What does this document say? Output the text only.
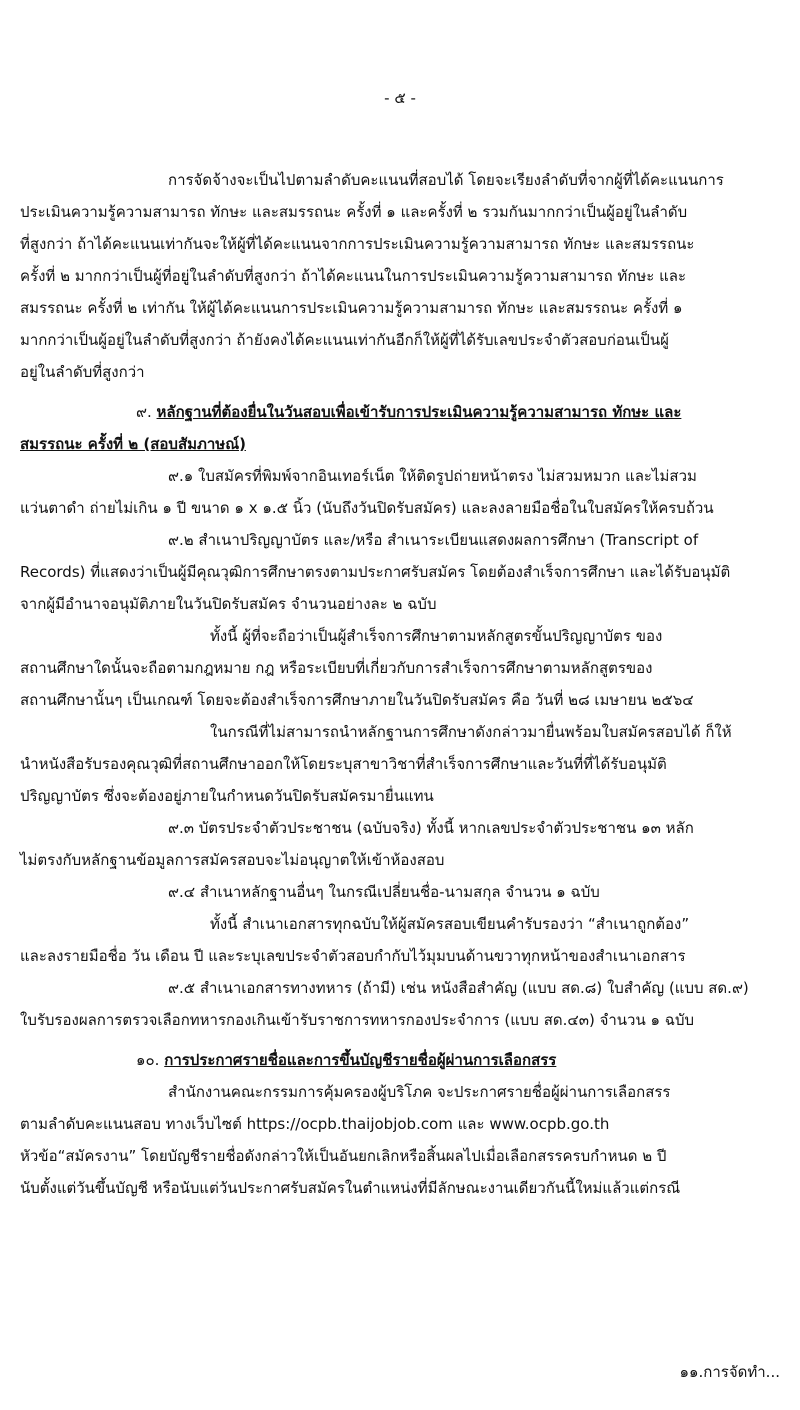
- ๕ -
การจัดจ้างจะเป็นไปตามลำดับคะแนนที่สอบได้ โดยจะเรียงลำดับที่จากผู้ที่ได้คะแนนการ
ประเมินความรู้ความสามารถ ทักษะ และสมรรถนะ ครั้งที่ ๑ และครั้งที่ ๒ รวมกันมากกว่าเป็นผู้อยู่ในลำดับ
ที่สูงกว่า ถ้าได้คะแนนเท่ากันจะให้ผู้ที่ได้คะแนนจากการประเมินความรู้ความสามารถ ทักษะ และสมรรถนะ
ครั้งที่ ๒ มากกว่าเป็นผู้ที่อยู่ในลำดับที่สูงกว่า ถ้าได้คะแนนในการประเมินความรู้ความสามารถ ทักษะ และ
สมรรถนะ ครั้งที่ ๒ เท่ากัน ให้ผู้ได้คะแนนการประเมินความรู้ความสามารถ ทักษะ และสมรรถนะ ครั้งที่ ๑
มากกว่าเป็นผู้อยู่ในลำดับที่สูงกว่า ถ้ายังคงได้คะแนนเท่ากันอีกก็ให้ผู้ที่ได้รับเลขประจำตัวสอบก่อนเป็นผู้
อยู่ในลำดับที่สูงกว่า
๙. หลักฐานที่ต้องยื่นในวันสอบเพื่อเข้ารับการประเมินความรู้ความสามารถ ทักษะ และ
สมรรถนะ ครั้งที่ ๒ (สอบสัมภาษณ์)
๙.๑ ใบสมัครที่พิมพ์จากอินเทอร์เน็ต ให้ติดรูปถ่ายหน้าตรง ไม่สวมหมวก และไม่สวม
แว่นตาดำ ถ่ายไม่เกิน ๑ ปี ขนาด ๑ x ๑.๕ นิ้ว (นับถึงวันปิดรับสมัคร) และลงลายมือชื่อในใบสมัครให้ครบถ้วน
๙.๒ สำเนาปริญญาบัตร และ/หรือ สำเนาระเบียนแสดงผลการศึกษา (Transcript of
Records) ที่แสดงว่าเป็นผู้มีคุณวุฒิการศึกษาตรงตามประกาศรับสมัคร โดยต้องสำเร็จการศึกษา และได้รับอนุมัติ
จากผู้มีอำนาจอนุมัติภายในวันปิดรับสมัคร จำนวนอย่างละ ๒ ฉบับ
ทั้งนี้ ผู้ที่จะถือว่าเป็นผู้สำเร็จการศึกษาตามหลักสูตรขั้นปริญญาบัตร ของ
สถานศึกษาใดนั้นจะถือตามกฎหมาย กฎ หรือระเบียบที่เกี่ยวกับการสำเร็จการศึกษาตามหลักสูตรของ
สถานศึกษานั้นๆ เป็นเกณฑ์ โดยจะต้องสำเร็จการศึกษาภายในวันปิดรับสมัคร คือ วันที่ ๒๘ เมษายน ๒๕๖๔
ในกรณีที่ไม่สามารถนำหลักฐานการศึกษาดังกล่าวมายื่นพร้อมใบสมัครสอบได้ ก็ให้
นำหนังสือรับรองคุณวุฒิที่สถานศึกษาออกให้โดยระบุสาขาวิชาที่สำเร็จการศึกษาและวันที่ที่ได้รับอนุมัติ
ปริญญาบัตร ซึ่งจะต้องอยู่ภายในกำหนดวันปิดรับสมัครมายื่นแทน
๙.๓ บัตรประจำตัวประชาชน (ฉบับจริง) ทั้งนี้ หากเลขประจำตัวประชาชน ๑๓ หลัก
ไม่ตรงกับหลักฐานข้อมูลการสมัครสอบจะไม่อนุญาตให้เข้าห้องสอบ
๙.๔ สำเนาหลักฐานอื่นๆ ในกรณีเปลี่ยนชื่อ-นามสกุล จำนวน ๑ ฉบับ
ทั้งนี้ สำเนาเอกสารทุกฉบับให้ผู้สมัครสอบเขียนคำรับรองว่า “สำเนาถูกต้อง”
และลงรายมือชื่อ วัน เดือน ปี และระบุเลขประจำตัวสอบกำกับไว้มุมบนด้านขวาทุกหน้าของสำเนาเอกสาร
๙.๕ สำเนาเอกสารทางทหาร (ถ้ามี) เช่น หนังสือสำคัญ (แบบ สด.๘) ใบสำคัญ (แบบ สด.๙)
ใบรับรองผลการตรวจเลือกทหารกองเกินเข้ารับราชการทหารกองประจำการ (แบบ สด.๔๓) จำนวน ๑ ฉบับ
๑๐. การประกาศรายชื่อและการขึ้นบัญชีรายชื่อผู้ผ่านการเลือกสรร
สำนักงานคณะกรรมการคุ้มครองผู้บริโภค จะประกาศรายชื่อผู้ผ่านการเลือกสรร
ตามลำดับคะแนนสอบ ทางเว็บไซต์ https://ocpb.thaijobjob.com และ www.ocpb.go.th
หัวข้อ“สมัครงาน” โดยบัญชีรายชื่อดังกล่าวให้เป็นอันยกเลิกหรือสิ้นผลไปเมื่อเลือกสรรครบกำหนด ๒ ปี
นับตั้งแต่วันขึ้นบัญชี หรือนับแต่วันประกาศรับสมัครในตำแหน่งที่มีลักษณะงานเดียวกันนี้ใหม่แล้วแต่กรณี
๑๑.การจัดทำ...
